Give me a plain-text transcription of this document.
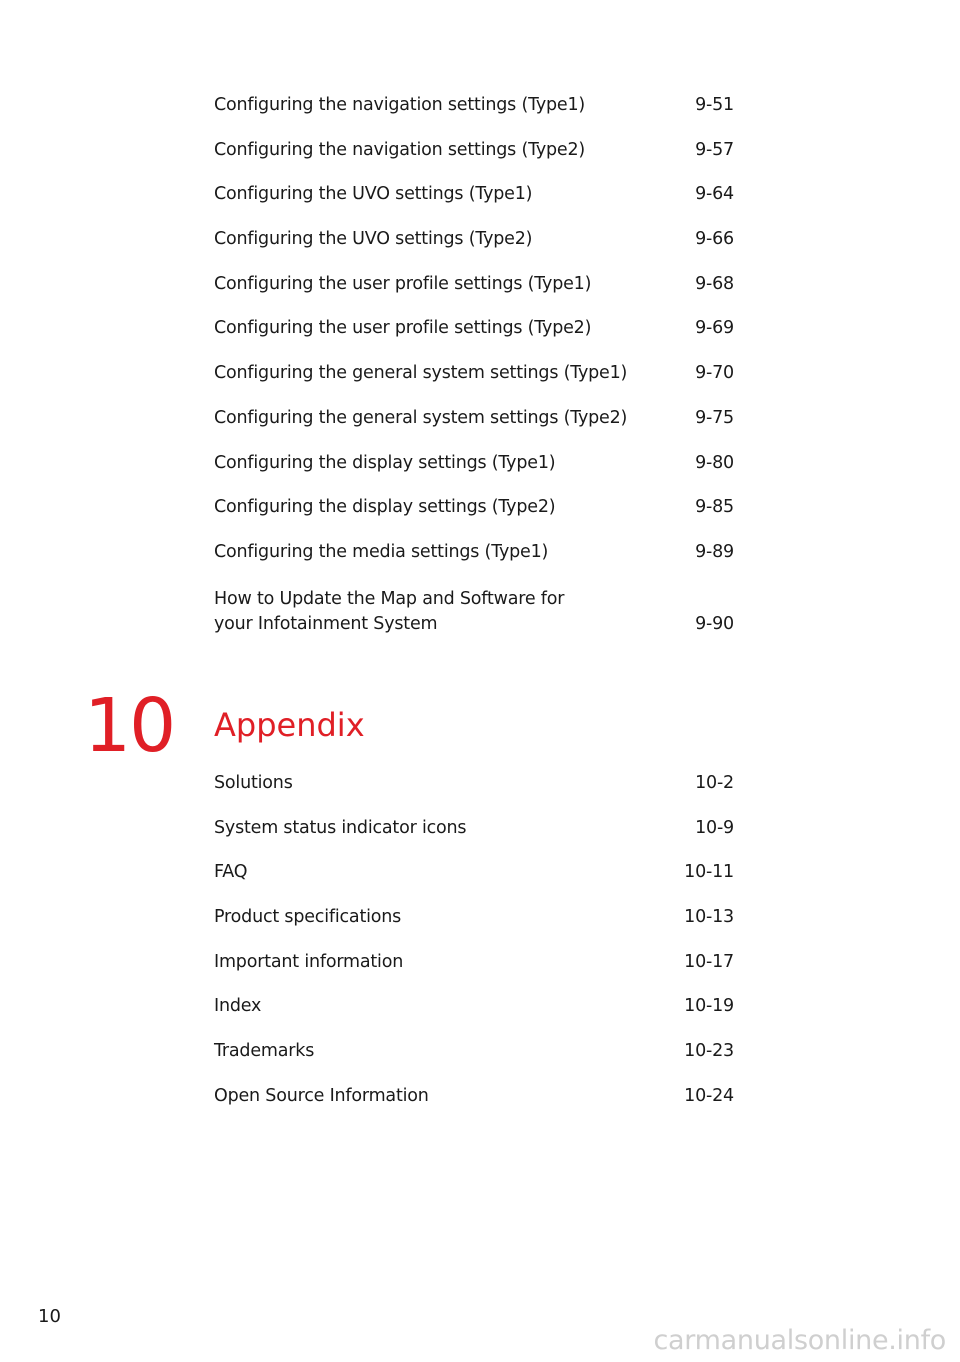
Configuring the navigation settings (Type1)	9-51
Configuring the navigation settings (Type2)	9-57
Configuring the UVO settings (Type1)	9-64
Configuring the UVO settings (Type2)	9-66
Configuring the user profile settings (Type1)	9-68
Configuring the user profile settings (Type2)	9-69
Configuring the general system settings (Type1)	9-70
Configuring the general system settings (Type2)	9-75
Configuring the display settings (Type1)	9-80
Configuring the display settings (Type2)	9-85
Configuring the media settings (Type1)	9-89
How to Update the Map and Software for
your Infotainment System	9-90
10 Appendix
Solutions	10-2
System status indicator icons	10-9
FAQ	10-11
Product specifications	10-13
Important information	10-17
Index	10-19
Trademarks	10-23
Open Source Information	10-24
10
carmanualsonline.info
